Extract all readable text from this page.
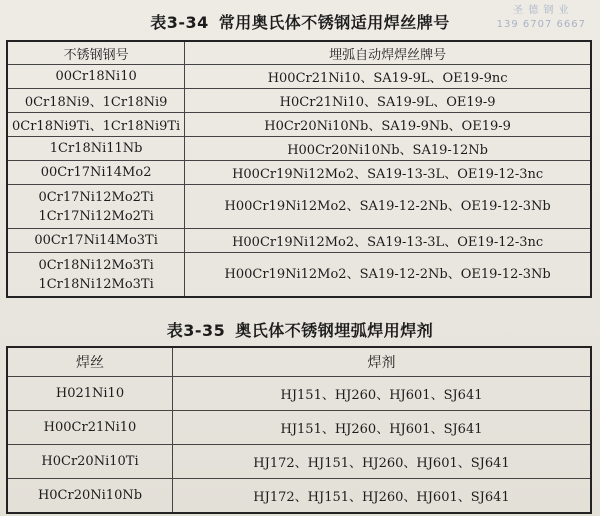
圣 德 钢 业
139 6707 6667
表3-34 常用奥氏体不锈钢适用焊丝牌号
不锈钢钢号	埋弧自动焊焊丝牌号
00Cr18Ni10	H00Cr21Ni10、SA19-9L、OE19-9nc
0Cr18Ni9、1Cr18Ni9	H0Cr21Ni10、SA19-9L、OE19-9
0Cr18Ni9Ti、1Cr18Ni9Ti	H0Cr20Ni10Nb、SA19-9Nb、OE19-9
1Cr18Ni11Nb	H00Cr20Ni10Nb、SA19-12Nb
00Cr17Ni14Mo2	H00Cr19Ni12Mo2、SA19-13-3L、OE19-12-3nc

0Cr17Ni12Mo2Ti
1Cr17Ni12Mo2Ti	H00Cr19Ni12Mo2、SA19-12-2Nb、OE19-12-3Nb
00Cr17Ni14Mo3Ti	H00Cr19Ni12Mo2、SA19-13-3L、OE19-12-3nc

0Cr18Ni12Mo3Ti
1Cr18Ni12Mo3Ti	H00Cr19Ni12Mo2、SA19-12-2Nb、OE19-12-3Nb
表3-35 奥氏体不锈钢埋弧焊用焊剂
焊丝	焊剂
H021Ni10	HJ151、HJ260、HJ601、SJ641
H00Cr21Ni10	HJ151、HJ260、HJ601、SJ641
H0Cr20Ni10Ti	HJ172、HJ151、HJ260、HJ601、SJ641
H0Cr20Ni10Nb	HJ172、HJ151、HJ260、HJ601、SJ641
